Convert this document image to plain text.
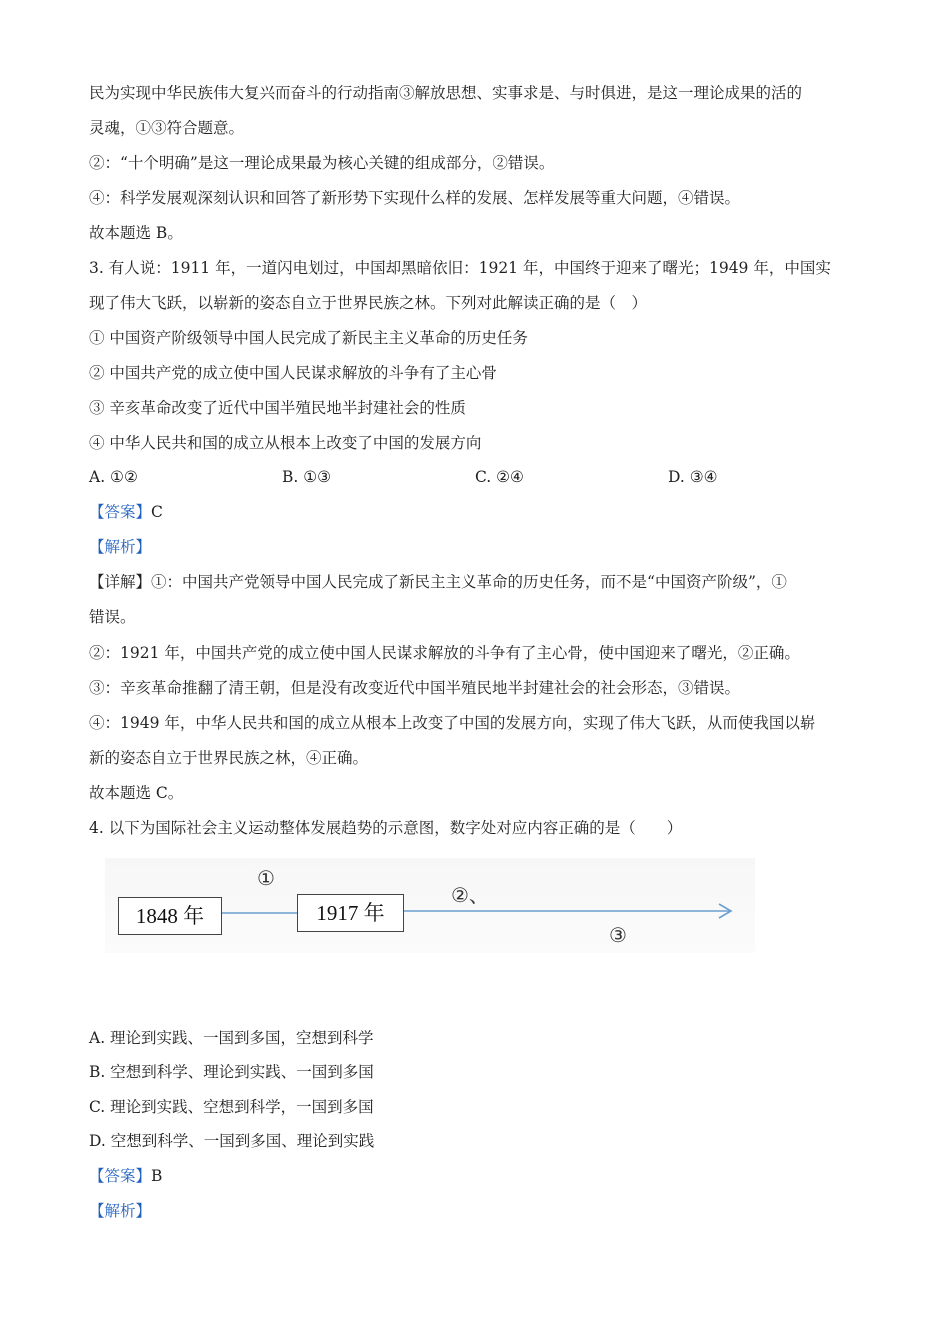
民为实现中华民族伟大复兴而奋斗的行动指南③解放思想、实事求是、与时俱进，是这一理论成果的活的
灵魂，①③符合题意。
②：“十个明确”是这一理论成果最为核心关键的组成部分，②错误。
④：科学发展观深刻认识和回答了新形势下实现什么样的发展、怎样发展等重大问题，④错误。
故本题选 B。
3. 有人说：1911 年，一道闪电划过，中国却黑暗依旧：1921 年，中国终于迎来了曙光；1949 年，中国实
现了伟大飞跃，以崭新的姿态自立于世界民族之林。下列对此解读正确的是（　）
① 中国资产阶级领导中国人民完成了新民主主义革命的历史任务
② 中国共产党的成立使中国人民谋求解放的斗争有了主心骨
③ 辛亥革命改变了近代中国半殖民地半封建社会的性质
④ 中华人民共和国的成立从根本上改变了中国的发展方向
A. ①②	B. ①③	C. ②④	D. ③④
【答案】C
【解析】
【详解】①：中国共产党领导中国人民完成了新民主主义革命的历史任务，而不是“中国资产阶级”，①
错误。
②：1921 年，中国共产党的成立使中国人民谋求解放的斗争有了主心骨，使中国迎来了曙光，②正确。
③：辛亥革命推翻了清王朝，但是没有改变近代中国半殖民地半封建社会的社会形态，③错误。
④：1949 年，中华人民共和国的成立从根本上改变了中国的发展方向，实现了伟大飞跃，从而使我国以崭
新的姿态自立于世界民族之林，④正确。
故本题选 C。
4. 以下为国际社会主义运动整体发展趋势的示意图，数字处对应内容正确的是（　　）
1848 年	1917 年
①
②、
③
A. 理论到实践、一国到多国，空想到科学
B. 空想到科学、理论到实践、一国到多国
C. 理论到实践、空想到科学，一国到多国
D. 空想到科学、一国到多国、理论到实践
【答案】B
【解析】
